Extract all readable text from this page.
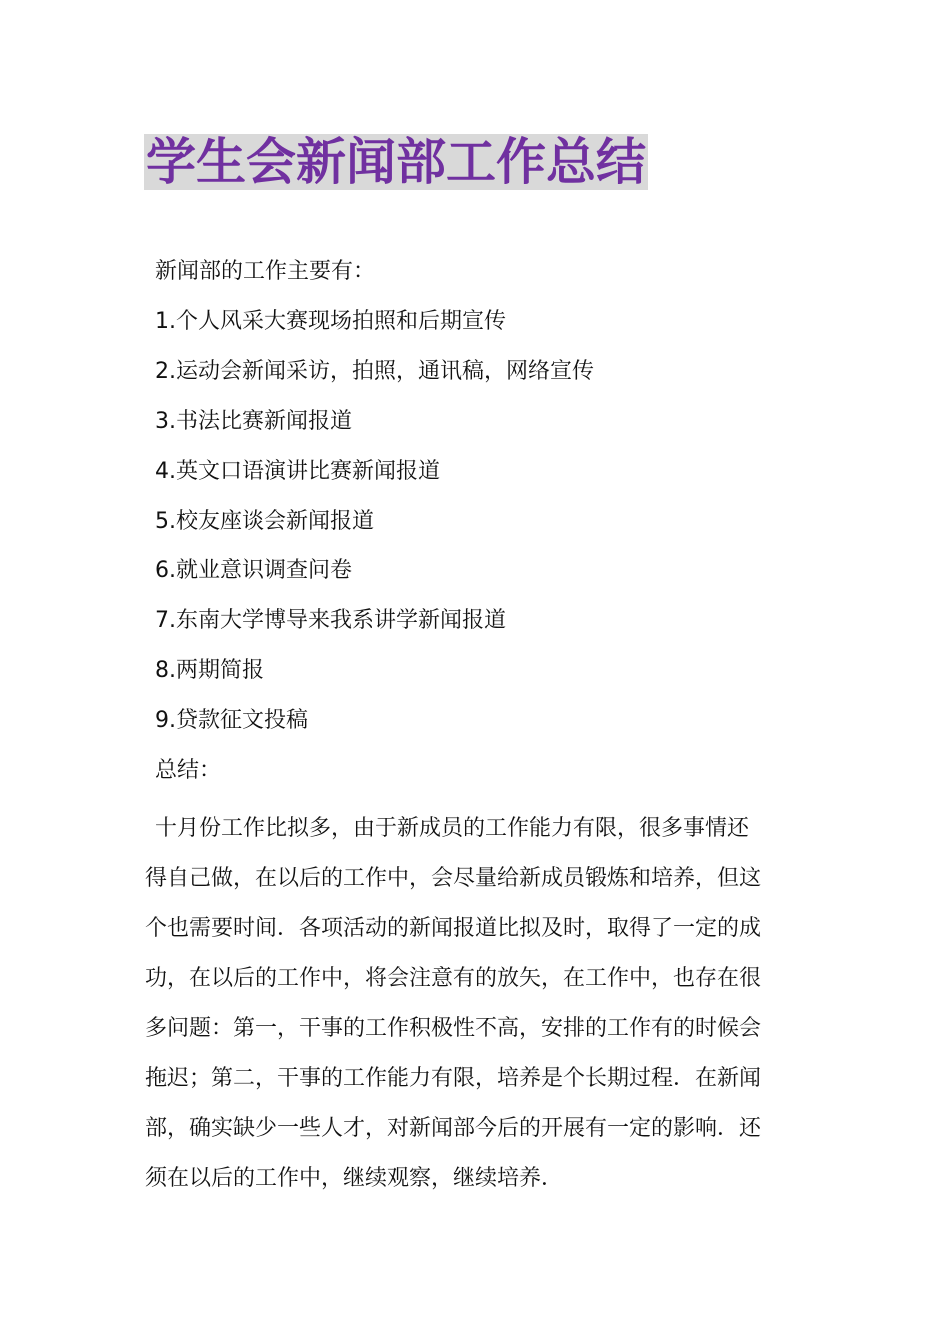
学生会新闻部工作总结
新闻部的工作主要有：
1.个人风采大赛现场拍照和后期宣传
2.运动会新闻采访，拍照，通讯稿，网络宣传
3.书法比赛新闻报道
4.英文口语演讲比赛新闻报道
5.校友座谈会新闻报道
6.就业意识调查问卷
7.东南大学博导来我系讲学新闻报道
8.两期简报
9.贷款征文投稿
总结：
十月份工作比拟多，由于新成员的工作能力有限，很多事情还
得自己做，在以后的工作中，会尽量给新成员锻炼和培养，但这
个也需要时间．各项活动的新闻报道比拟及时，取得了一定的成
功，在以后的工作中，将会注意有的放矢，在工作中，也存在很
多问题：第一，干事的工作积极性不高，安排的工作有的时候会
拖迟；第二，干事的工作能力有限，培养是个长期过程．在新闻
部，确实缺少一些人才，对新闻部今后的开展有一定的影响．还
须在以后的工作中，继续观察，继续培养．
